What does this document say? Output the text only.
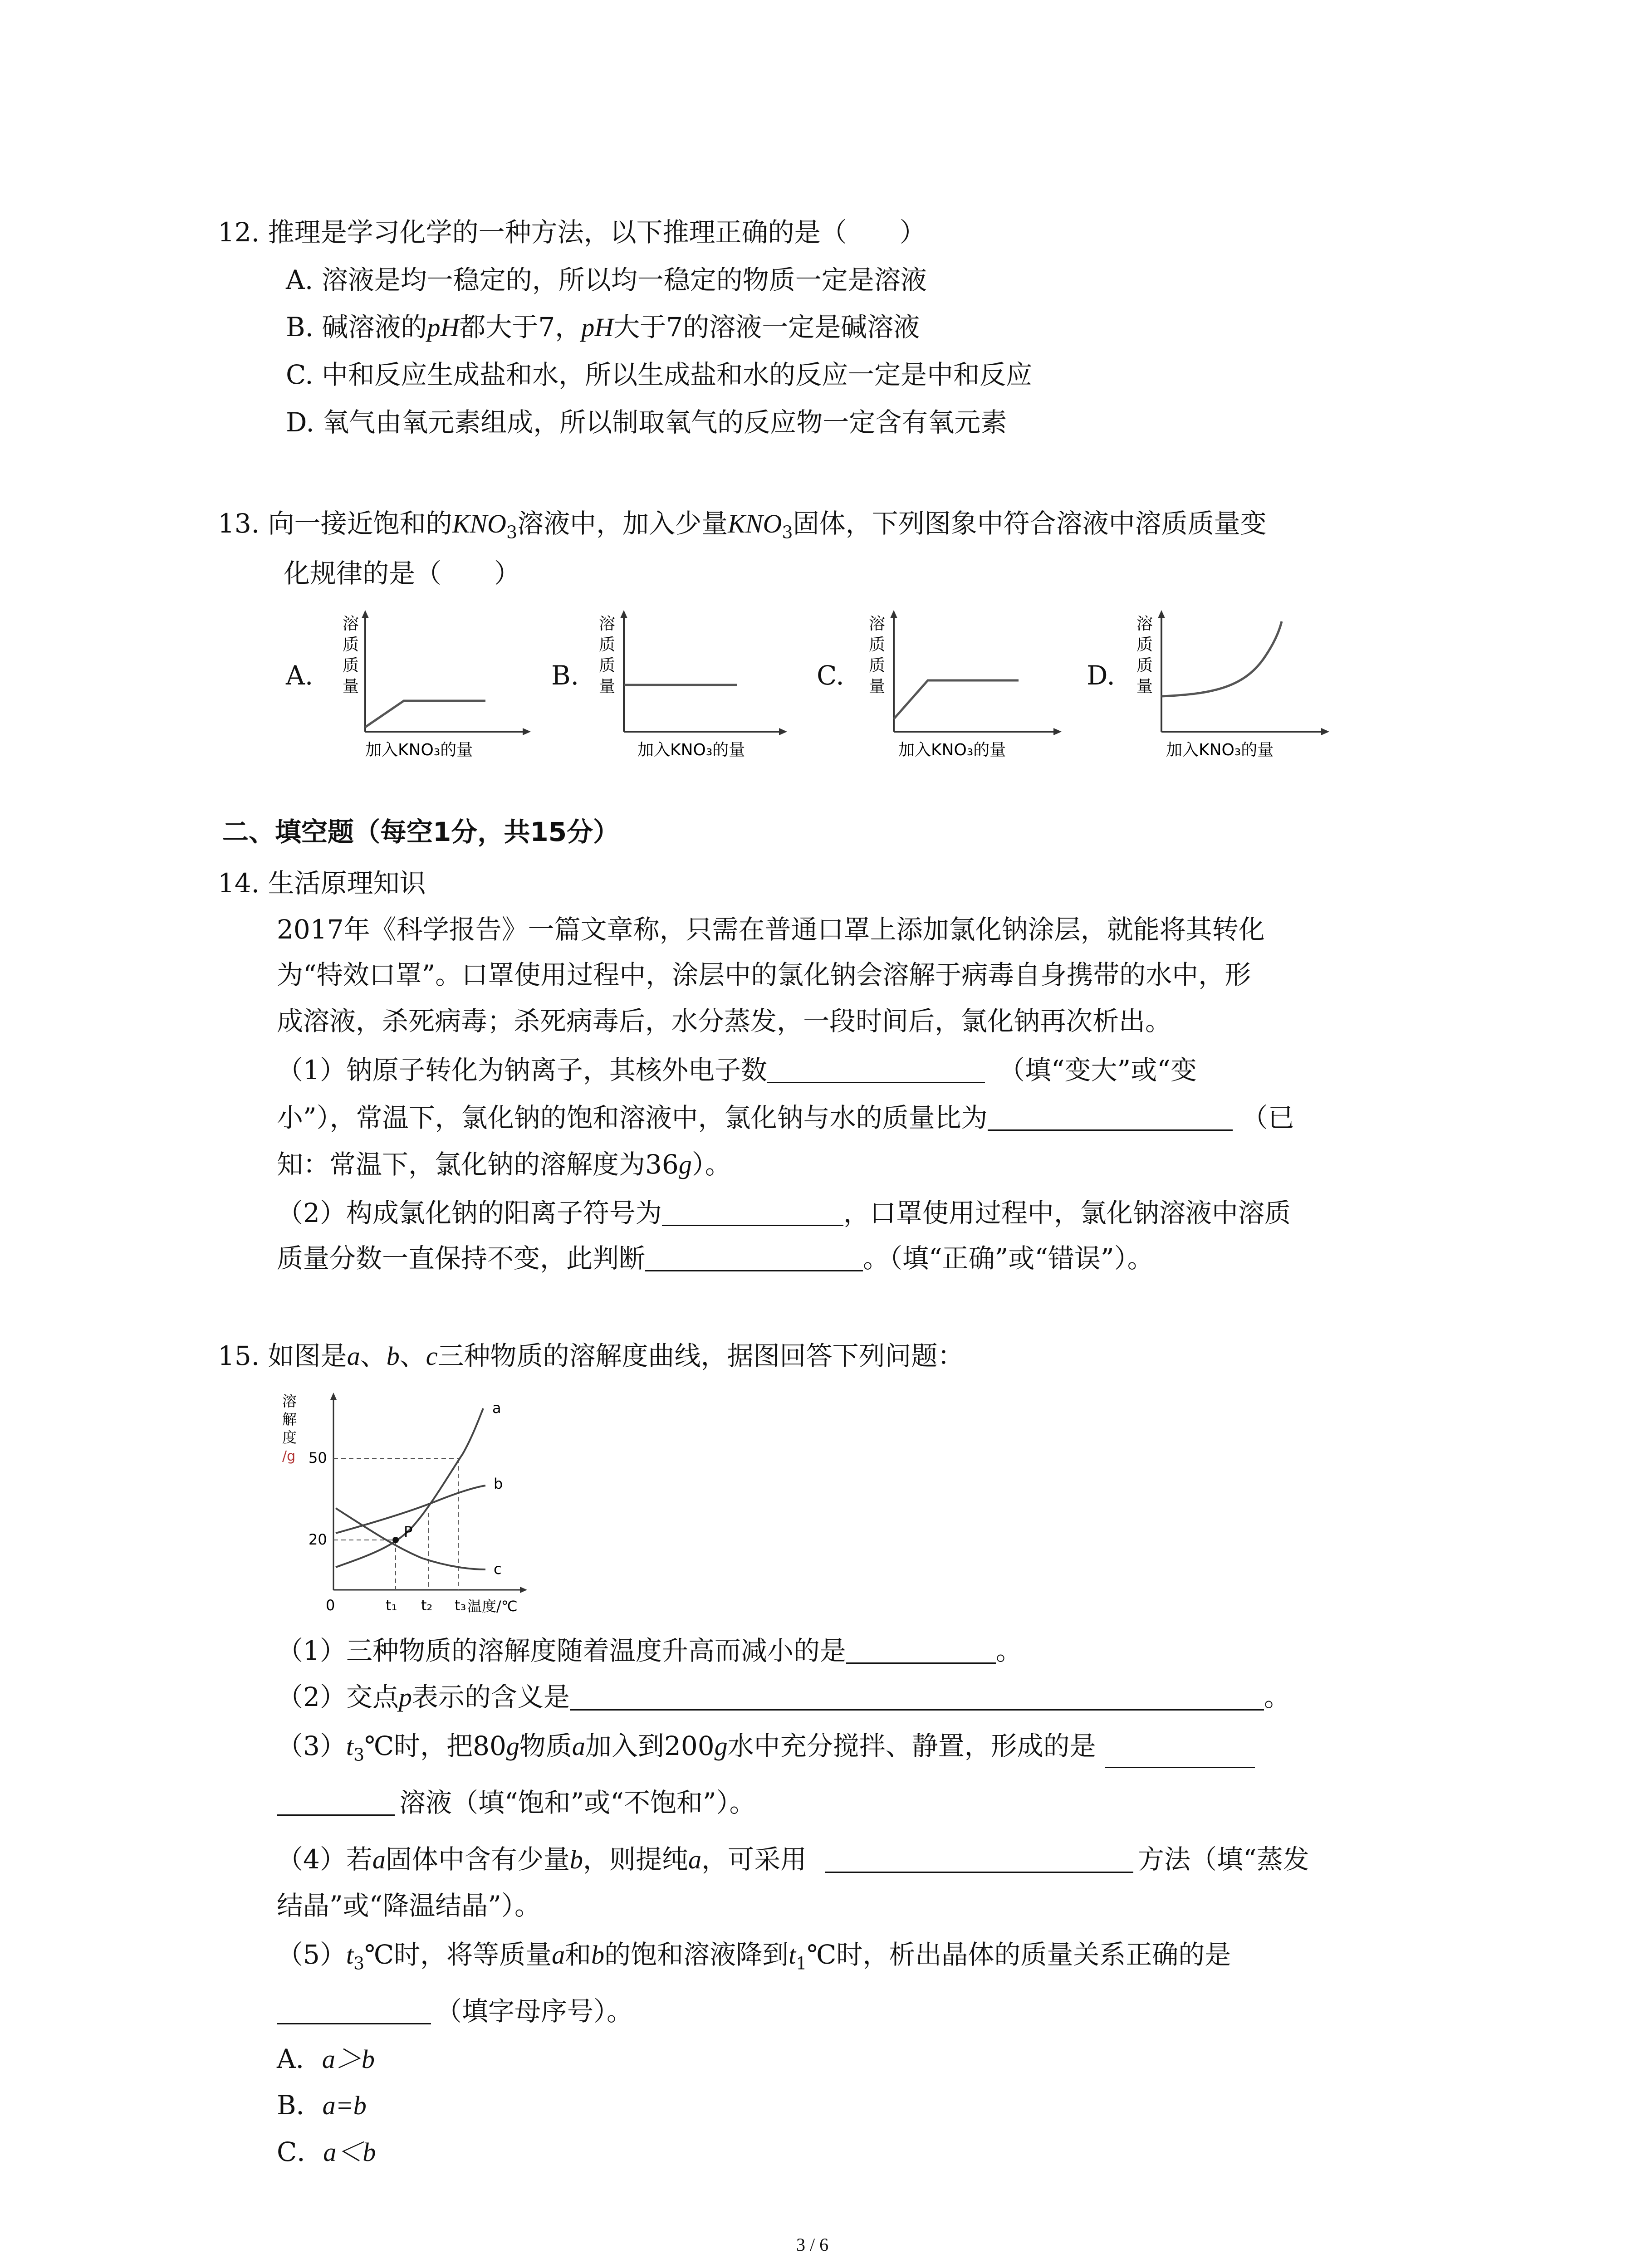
12. 推理是学习化学的一种方法，以下推理正确的是（　　）
A. 溶液是均一稳定的，所以均一稳定的物质一定是溶液
B. 碱溶液的pH都大于7，pH大于7的溶液一定是碱溶液
C. 中和反应生成盐和水，所以生成盐和水的反应一定是中和反应
D. 氧气由氧元素组成，所以制取氧气的反应物一定含有氧元素
13. 向一接近饱和的$KNO_3$溶液中，加入少量$KNO_3$固体，下列图象中符合溶液中溶质质量变
化规律的是（　　）
A.
溶
质
质
量
加入KNO₃的量
B.
溶
质
质
量
加入KNO₃的量
C.
溶
质
质
量
加入KNO₃的量
D.
溶
质
质
量
加入KNO₃的量
二、填空题（每空1分，共15分）
14. 生活原理知识
2017年《科学报告》一篇文章称，只需在普通口罩上添加氯化钠涂层，就能将其转化
为“特效口罩”。口罩使用过程中，涂层中的氯化钠会溶解于病毒自身携带的水中，形
成溶液，杀死病毒；杀死病毒后，水分蒸发，一段时间后，氯化钠再次析出。
（1）钠原子转化为钠离子，其核外电子数	（填“变大”或“变
小”），常温下，氯化钠的饱和溶液中，氯化钠与水的质量比为	（已
知：常温下，氯化钠的溶解度为36g）。
（2）构成氯化钠的阳离子符号为	，口罩使用过程中，氯化钠溶液中溶质
质量分数一直保持不变，此判断	。（填“正确”或“错误”）。
15. 如图是a、b、c三种物质的溶解度曲线，据图回答下列问题：
溶
解
度
/g 50
20
0	t₁ t₂ t₃ 温度/℃
P
a
b
c
（1）三种物质的溶解度随着温度升高而减小的是	。
（2）交点p表示的含义是	。
$(3)t_3℃$时，把80g物质a加入到200g水中充分搅拌、静置，形成的是
溶液（填“饱和”或“不饱和”）。
（4）若a固体中含有少量b，则提纯a，可采用	方法（填“蒸发
结晶”或“降温结晶”）。
$(5)t_3℃$时，将等质量a和b的饱和溶液降到$t_1℃$时，析出晶体的质量关系正确的是
（填字母序号）。
A．a＞b
B．a=b
C．a＜b
3 / 6
